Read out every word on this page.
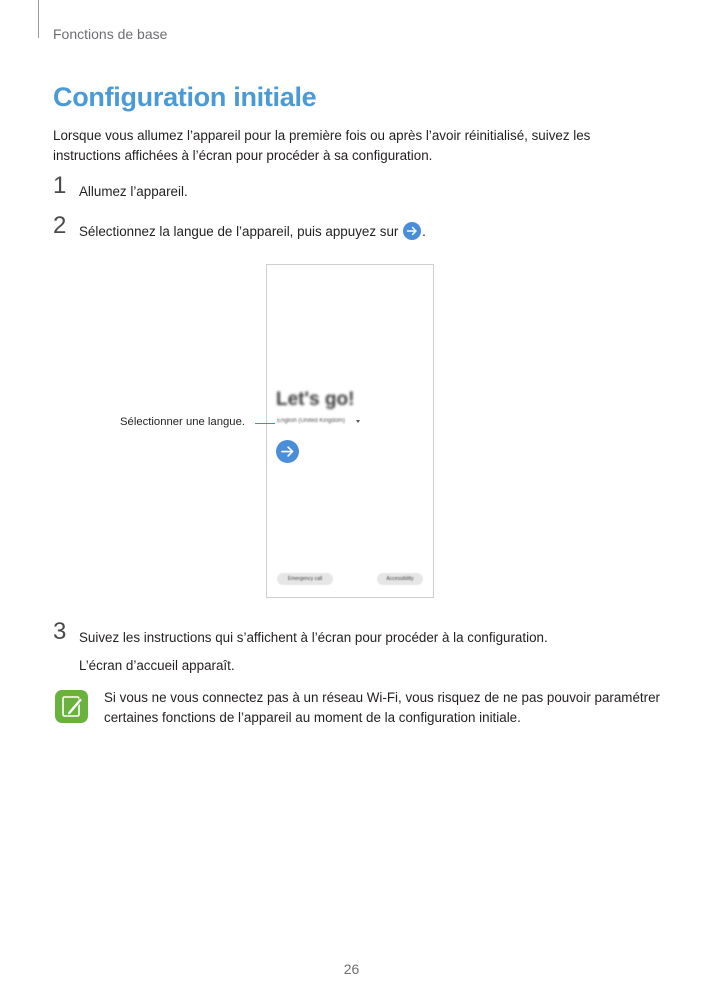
Fonctions de base
Configuration initiale

Lorsque vous allumez l’appareil pour la première fois ou après l’avoir réinitialisé, suivez les
instructions affichées à l’écran pour procéder à sa configuration.

1 Allumez l’appareil.
2 Sélectionnez la langue de l’appareil, puis appuyez sur .
Let's go!
English (United Kingdom)
Emergency call	Accessibility
Sélectionner une langue.
3 Suivez les instructions qui s’affichent à l’écran pour procéder à la configuration.
L’écran d’accueil apparaît.
Si vous ne vous connectez pas à un réseau Wi-Fi, vous risquez de ne pas pouvoir paramétrer
certaines fonctions de l’appareil au moment de la configuration initiale.
26
